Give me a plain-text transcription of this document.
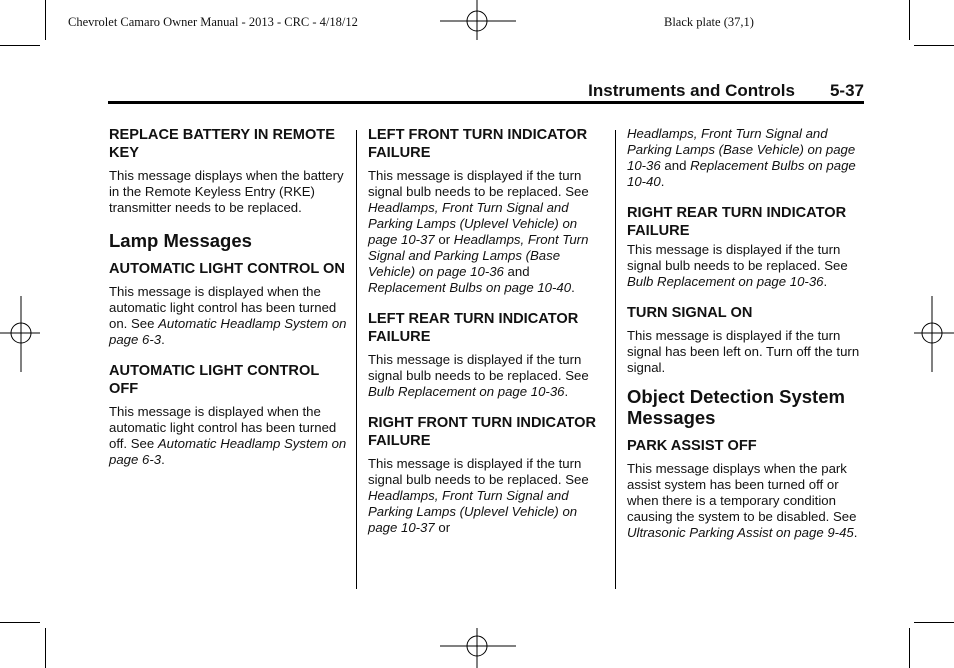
Chevrolet Camaro Owner Manual - 2013 - CRC - 4/18/12	Black plate (37,1)
Instruments and Controls 5-37
REPLACE BATTERY IN REMOTE KEY

This message displays when the battery in the Remote Keyless Entry (RKE) transmitter needs to be replaced.

Lamp Messages
AUTOMATIC LIGHT CONTROL ON

This message is displayed when the automatic light control has been turned on. See Automatic Headlamp System on page 6-3.

AUTOMATIC LIGHT CONTROL OFF

This message is displayed when the automatic light control has been turned off. See Automatic Headlamp System on page 6-3.

LEFT FRONT TURN INDICATOR FAILURE

This message is displayed if the turn signal bulb needs to be replaced. See Headlamps, Front Turn Signal and Parking Lamps (Uplevel Vehicle) on page 10-37 or Headlamps, Front Turn Signal and Parking Lamps (Base Vehicle) on page 10-36 and Replacement Bulbs on page 10-40.

LEFT REAR TURN INDICATOR FAILURE

This message is displayed if the turn signal bulb needs to be replaced. See Bulb Replacement on page 10-36.

RIGHT FRONT TURN INDICATOR FAILURE

This message is displayed if the turn signal bulb needs to be replaced. See Headlamps, Front Turn Signal and Parking Lamps (Uplevel Vehicle) on page 10-37 or

Headlamps, Front Turn Signal and Parking Lamps (Base Vehicle) on page 10-36 and Replacement Bulbs on page 10-40.

RIGHT REAR TURN INDICATOR FAILURE

This message is displayed if the turn signal bulb needs to be replaced. See Bulb Replacement on page 10-36.

TURN SIGNAL ON

This message is displayed if the turn signal has been left on. Turn off the turn signal.

Object Detection System Messages
PARK ASSIST OFF

This message displays when the park assist system has been turned off or when there is a temporary condition causing the system to be disabled. See Ultrasonic Parking Assist on page 9-45.
